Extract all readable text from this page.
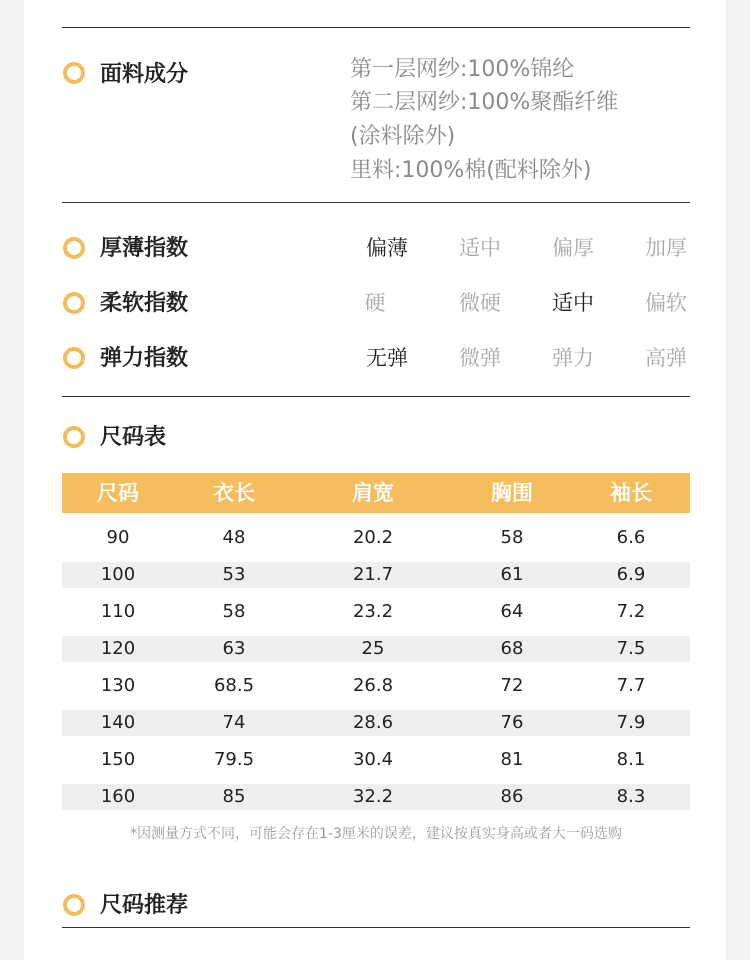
面料成分	第一层网纱:100%锦纶
第二层网纱:100%聚酯纤维
(涂料除外)
里料:100%棉(配料除外)
厚薄指数	偏薄	适中	偏厚	加厚
柔软指数	硬	微硬	适中	偏软
弹力指数	无弹	微弹	弹力	高弹
尺码表
尺码	衣长	肩宽	胸围	袖长
90	48	20.2	58	6.6
100	53	21.7	61	6.9
110	58	23.2	64	7.2
120	63	25	68	7.5
130	68.5	26.8	72	7.7
140	74	28.6	76	7.9
150	79.5	30.4	81	8.1
160	85	32.2	86	8.3
*因测量方式不同，可能会存在1-3厘米的误差，建议按真实身高或者大一码选购
尺码推荐
